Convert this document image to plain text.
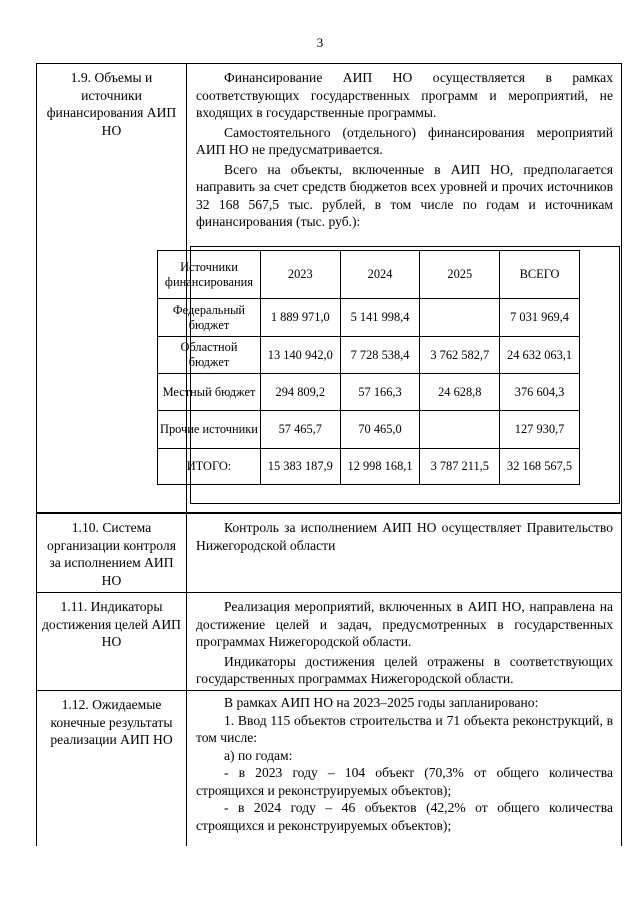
3
1.9. Объемы и источники финансирования АИП НО
Финансирование АИП НО осуществляется в рамках соответствующих государственных программ и мероприятий, не входящих в государственные программы.
Самостоятельного (отдельного) финансирования мероприятий АИП НО не предусматривается.
Всего на объекты, включенные в АИП НО, предполагается направить за счет средств бюджетов всех уровней и прочих источников 32 168 567,5 тыс. рублей, в том числе по годам и источникам финансирования (тыс. руб.):
Источники финансирования	2023	2024	2025	ВСЕГО
Федеральный бюджет	1 889 971,0	5 141 998,4		7 031 969,4
Областной бюджет	13 140 942,0	7 728 538,4	3 762 582,7	24 632 063,1
Местный бюджет	294 809,2	57 166,3	24 628,8	376 604,3
Прочие источники	57 465,7	70 465,0		127 930,7
ИТОГО:	15 383 187,9	12 998 168,1	3 787 211,5	32 168 567,5
1.10. Система организации контроля за исполнением АИП НО
Контроль за исполнением АИП НО осуществляет Правительство Нижегородской области
1.11. Индикаторы достижения целей АИП НО
Реализация мероприятий, включенных в АИП НО, направлена на достижение целей и задач, предусмотренных в государственных программах Нижегородской области.
Индикаторы достижения целей отражены в соответствующих государственных программах Нижегородской области.
1.12. Ожидаемые конечные результаты реализации АИП НО
В рамках АИП НО на 2023–2025 годы запланировано:
1. Ввод 115 объектов строительства и 71 объекта реконструкций, в том числе:
а) по годам:
- в 2023 году – 104 объект (70,3% от общего количества строящихся и реконструируемых объектов);
- в 2024 году – 46 объектов (42,2% от общего количества строящихся и реконструируемых объектов);
